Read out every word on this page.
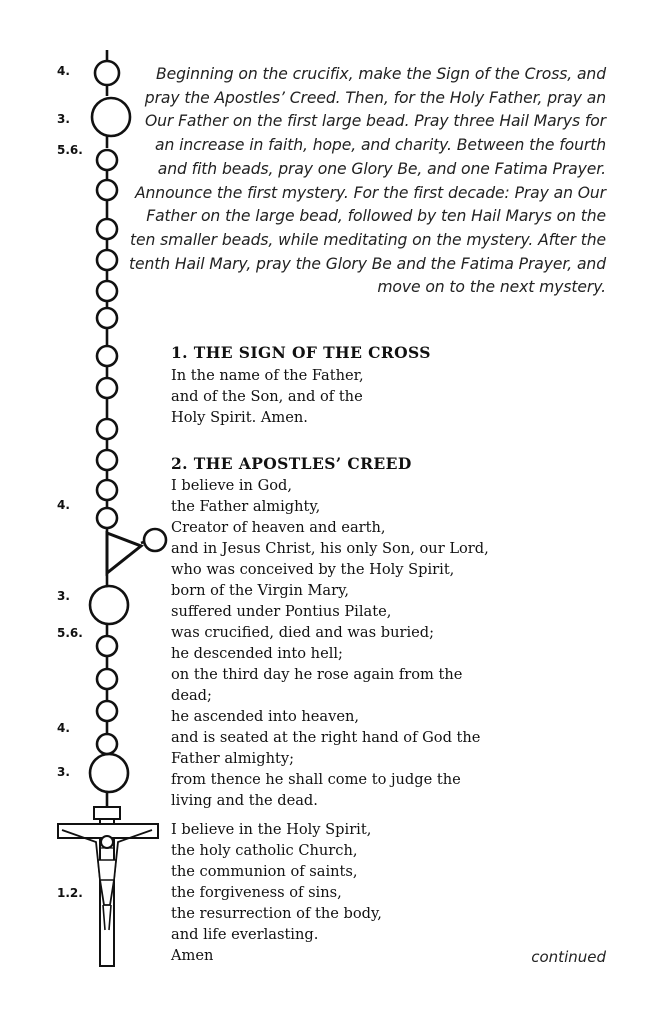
4.
3.
5.6.
4.
3.
5.6.
4.
3.
1.2.

Beginning on the crucifix, make the Sign of the Cross, and pray the Apostles’ Creed. Then, for the Holy Father, pray an Our Father on the first large bead. Pray three Hail Marys for an increase in faith, hope, and charity. Between the fourth and fith beads, pray one Glory Be, and one Fatima Prayer. Announce the first mystery. For the first decade: Pray an Our Father on the large bead, followed by ten Hail Marys on the ten smaller beads, while meditating on the mystery. After the tenth Hail Mary, pray the Glory Be and the Fatima Prayer, and move on to the next mystery.

1. THE SIGN OF THE CROSS

In the name of the Father,
and of the Son, and of the
Holy Spirit. Amen.

2. THE APOSTLES’ CREED

I believe in God,
the Father almighty,
Creator of heaven and earth,
and in Jesus Christ, his only Son, our Lord,
who was conceived by the Holy Spirit,
born of the Virgin Mary,
suffered under Pontius Pilate,
was crucified, died and was buried;
he descended into hell;
on the third day he rose again from the
dead;
he ascended into heaven,
and is seated at the right hand of God the
Father almighty;
from thence he shall come to judge the
living and the dead.

I believe in the Holy Spirit,
the holy catholic Church,
the communion of saints,
the forgiveness of sins,
the resurrection of the body,
and life everlasting.
Amen	continued
